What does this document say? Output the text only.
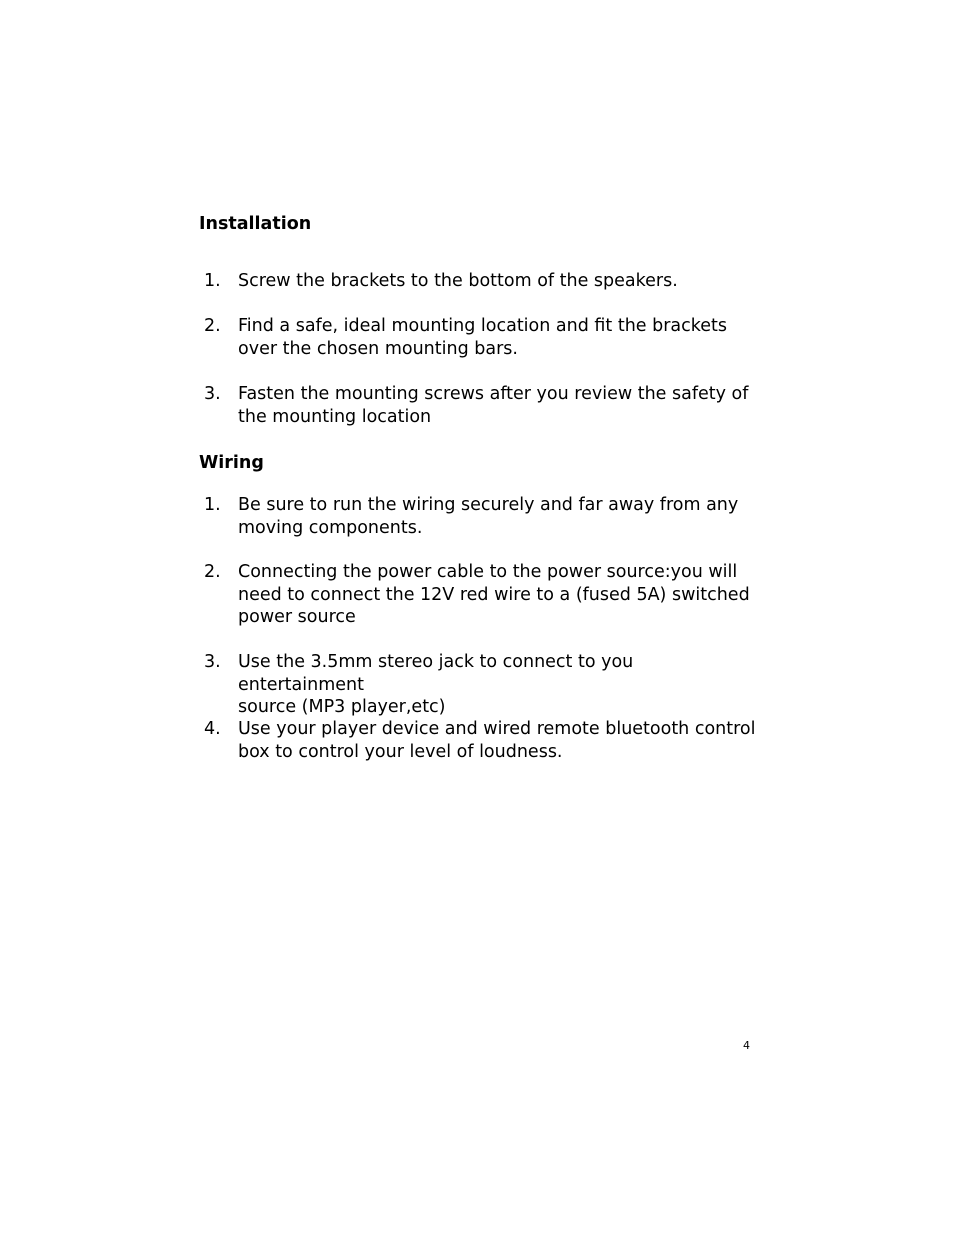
Installation
1. Screw the brackets to the bottom of the speakers.
2. Find a safe, ideal mounting location and fit the brackets
over the chosen mounting bars.
3. Fasten the mounting screws after you review the safety of
the mounting location
Wiring
1. Be sure to run the wiring securely and far away from any
moving components.
2. Connecting the power cable to the power source:you will
need to connect the 12V red wire to a (fused 5A) switched
power source
3. Use the 3.5mm stereo jack to connect to you entertainment
source (MP3 player,etc)
4. Use your player device and wired remote bluetooth control
box to control your level of loudness.
4
